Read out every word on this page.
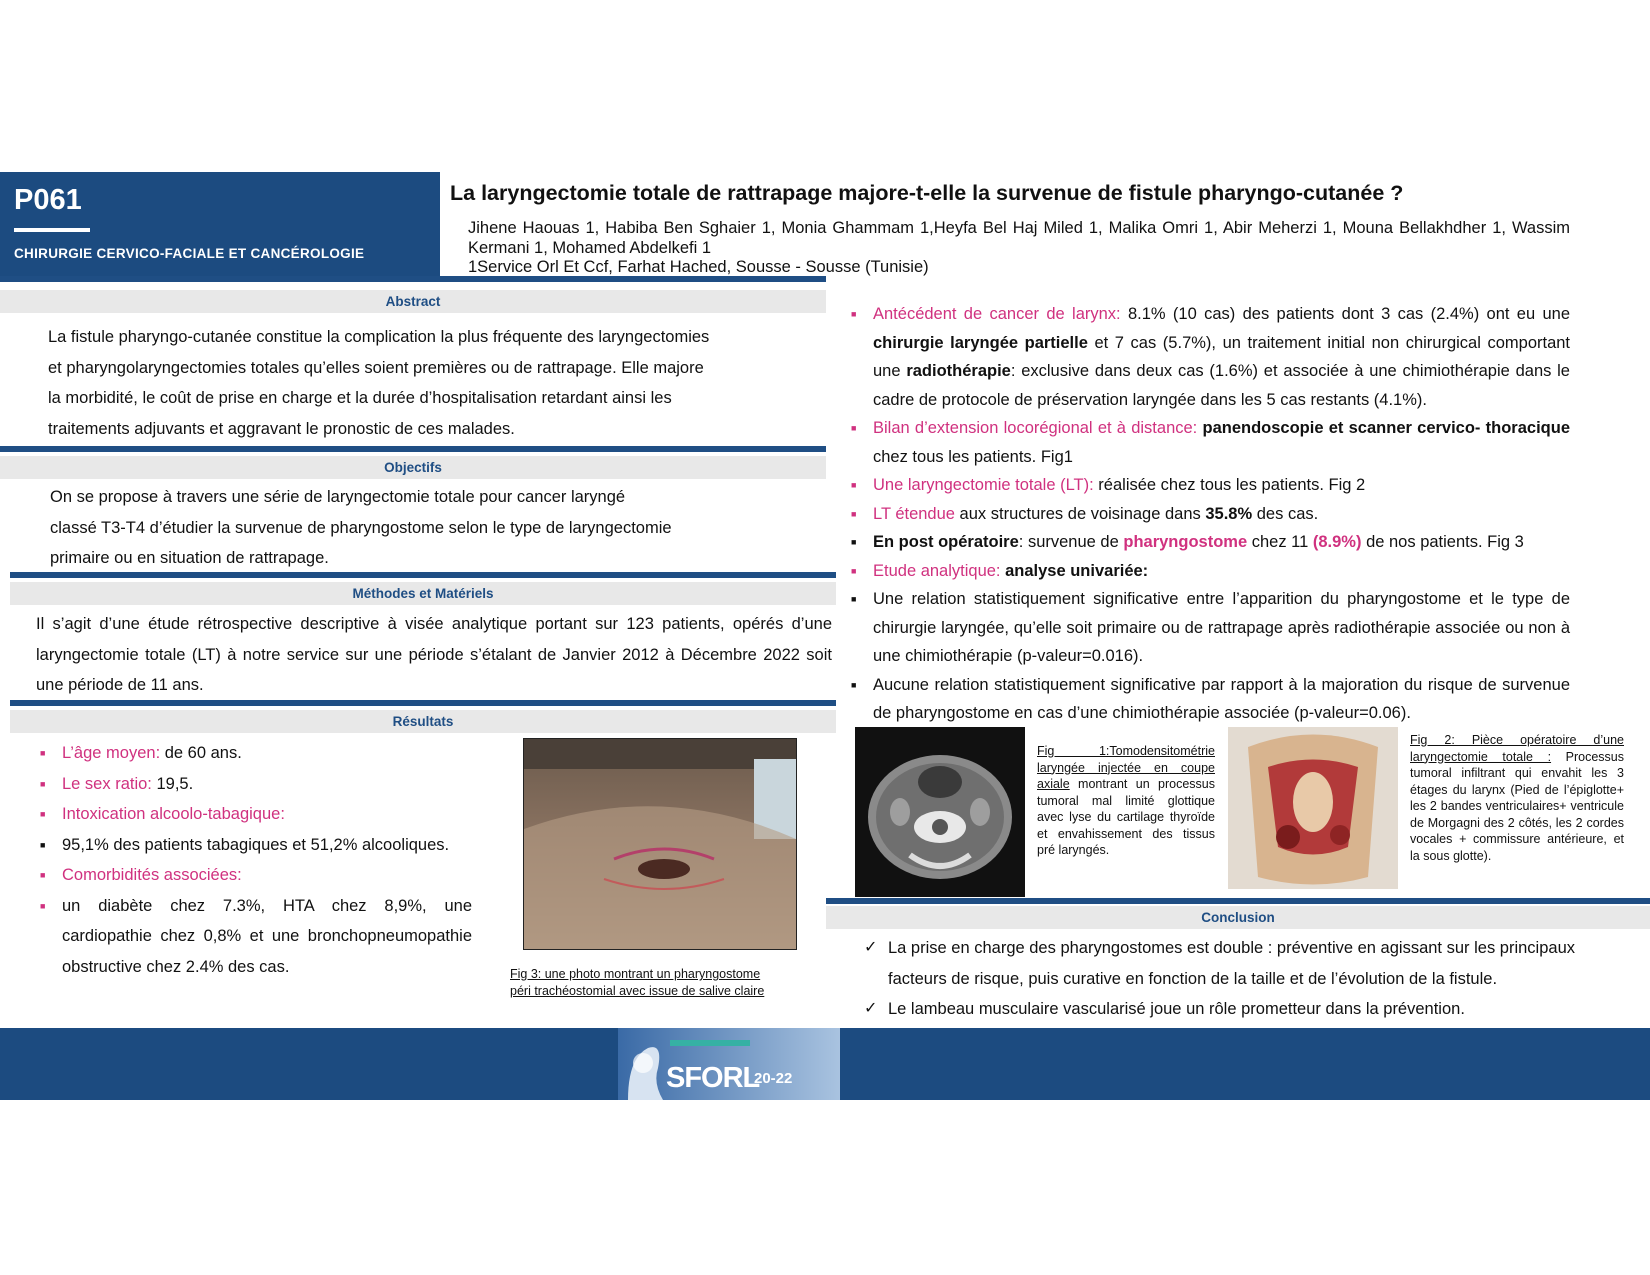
P061
CHIRURGIE CERVICO-FACIALE ET CANCÉROLOGIE
La laryngectomie totale de rattrapage majore-t-elle la survenue de fistule pharyngo-cutanée ?
Jihene Haouas 1, Habiba Ben Sghaier 1, Monia Ghammam 1,Heyfa Bel Haj Miled 1, Malika Omri 1, Abir Meherzi 1, Mouna Bellakhdher 1, Wassim Kermani 1, Mohamed Abdelkefi 1
1Service Orl Et Ccf, Farhat Hached, Sousse - Sousse (Tunisie)
Abstract
La fistule pharyngo-cutanée constitue la complication la plus fréquente des laryngectomies
et pharyngolaryngectomies totales qu’elles soient premières ou de rattrapage. Elle majore
la morbidité, le coût de prise en charge et la durée d’hospitalisation retardant ainsi les
traitements adjuvants et aggravant le pronostic de ces malades.
Objectifs
On se propose à travers une série de laryngectomie totale pour cancer laryngé
classé T3-T4 d’étudier la survenue de pharyngostome selon le type de laryngectomie
primaire ou en situation de rattrapage.
Méthodes et Matériels
Il s’agit d’une étude rétrospective descriptive à visée analytique portant sur 123 patients, opérés d’une laryngectomie totale (LT) à notre service sur une période s’étalant de Janvier 2012 à Décembre 2022 soit une période de 11 ans.
Résultats
■ L’âge moyen: de 60 ans.
■ Le sex ratio: 19,5.
■ Intoxication alcoolo-tabagique:
■ 95,1% des patients tabagiques et 51,2% alcooliques.
■ Comorbidités associées:
■ un diabète chez 7.3%, HTA chez 8,9%, une cardiopathie chez 0,8% et une bronchopneumopathie obstructive chez 2.4% des cas.	Fig 3: une photo montrant un pharyngostome
péri trachéostomial avec issue de salive claire
■ Antécédent de cancer de larynx: 8.1% (10 cas) des patients dont 3 cas (2.4%) ont eu une chirurgie laryngée partielle et 7 cas (5.7%), un traitement initial non chirurgical comportant une radiothérapie: exclusive dans deux cas (1.6%) et associée à une chimiothérapie dans le cadre de protocole de préservation laryngée dans les 5 cas restants (4.1%).
■ Bilan d’extension locorégional et à distance: panendoscopie et scanner cervico- thoracique chez tous les patients. Fig1
■ Une laryngectomie totale (LT): réalisée chez tous les patients. Fig 2
■ LT étendue aux structures de voisinage dans 35.8% des cas.
■ En post opératoire: survenue de pharyngostome chez 11 (8.9%) de nos patients. Fig 3
■ Etude analytique: analyse univariée:
■ Une relation statistiquement significative entre l’apparition du pharyngostome et le type de chirurgie laryngée, qu’elle soit primaire ou de rattrapage après radiothérapie associée ou non à une chimiothérapie (p-valeur=0.016).
■ Aucune relation statistiquement significative par rapport à la majoration du risque de survenue de pharyngostome en cas d’une chimiothérapie associée (p-valeur=0.06).
Fig 1:Tomodensitométrie laryngée injectée en coupe axiale montrant un processus tumoral mal limité glottique avec lyse du cartilage thyroïde et envahissement des tissus pré laryngés.
Fig 2: Pièce opératoire d’une laryngectomie totale : Processus tumoral infiltrant qui envahit les 3 étages du larynx (Pied de l’épiglotte+ les 2 bandes ventriculaires+ ventricule de Morgagni des 2 côtés, les 2 cordes vocales + commissure antérieure, et la sous glotte).
Conclusion
✓ La prise en charge des pharyngostomes est double : préventive en agissant sur les principaux facteurs de risque, puis curative en fonction de la taille et de l’évolution de la fistule.
✓ Le lambeau musculaire vascularisé joue un rôle prometteur dans la prévention.
SFORL
20-22
